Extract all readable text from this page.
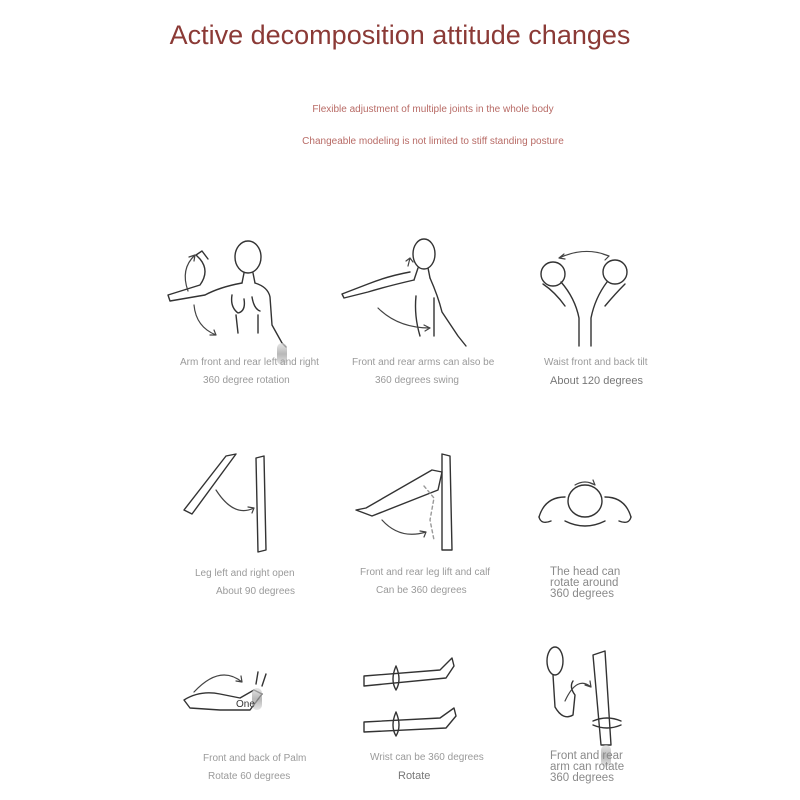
Active decomposition attitude changes
Flexible adjustment of multiple joints in the whole body
Changeable modeling is not limited to stiff standing posture
One
Arm front and rear left and right
360 degree rotation
Front and rear arms can also be
360 degrees swing
Waist front and back tilt
About 120 degrees
Leg left and right open
About 90 degrees
Front and rear leg lift and calf
Can be 360 degrees
The head can
rotate around
360 degrees
Front and back of Palm
Rotate 60 degrees
Wrist can be 360 degrees
Rotate
Front and rear
arm can rotate
360 degrees
